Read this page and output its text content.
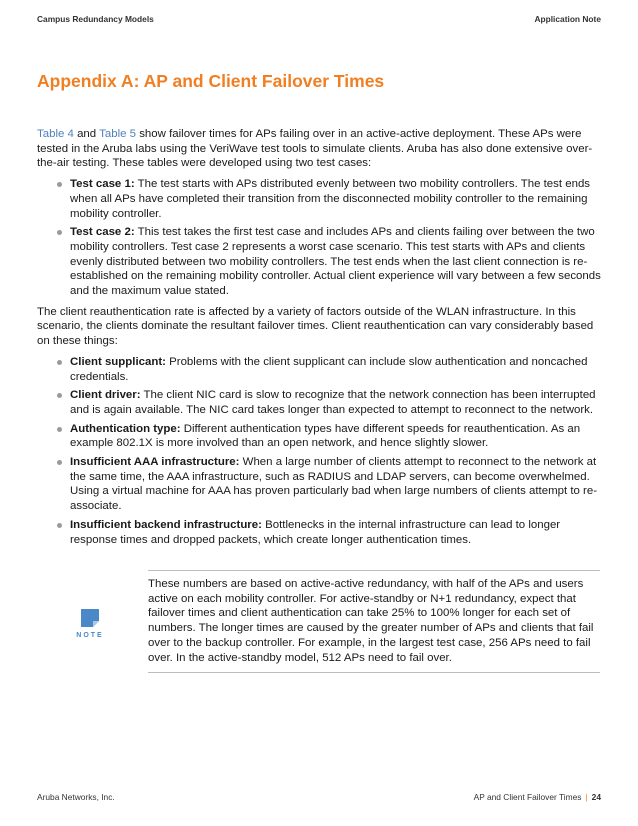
Campus Redundancy Models	Application Note
Appendix A: AP and Client Failover Times

Table 4 and Table 5 show failover times for APs failing over in an active-active deployment. These APs were tested in the Aruba labs using the VeriWave test tools to simulate clients. Aruba has also done extensive over-the-air testing. These tables were developed using two test cases:

Test case 1: The test starts with APs distributed evenly between two mobility controllers. The test ends when all APs have completed their transition from the disconnected mobility controller to the remaining mobility controller.
Test case 2: This test takes the first test case and includes APs and clients failing over between the two mobility controllers. Test case 2 represents a worst case scenario. This test starts with APs and clients evenly distributed between two mobility controllers. The test ends when the last client connection is re-established on the remaining mobility controller. Actual client experience will vary between a few seconds and the maximum value stated.

The client reauthentication rate is affected by a variety of factors outside of the WLAN infrastructure. In this scenario, the clients dominate the resultant failover times. Client reauthentication can vary considerably based on these things:

Client supplicant: Problems with the client supplicant can include slow authentication and noncached credentials.
Client driver: The client NIC card is slow to recognize that the network connection has been interrupted and is again available. The NIC card takes longer than expected to attempt to reconnect to the network.
Authentication type: Different authentication types have different speeds for reauthentication. As an example 802.1X is more involved than an open network, and hence slightly slower.
Insufficient AAA infrastructure: When a large number of clients attempt to reconnect to the network at the same time, the AAA infrastructure, such as RADIUS and LDAP servers, can become overwhelmed. Using a virtual machine for AAA has proven particularly bad when large numbers of clients attempt to re-associate.
Insufficient backend infrastructure: Bottlenecks in the internal infrastructure can lead to longer response times and dropped packets, which create longer authentication times.
NOTE
These numbers are based on active-active redundancy, with half of the APs and users active on each mobility controller. For active-standby or N+1 redundancy, expect that failover times and client authentication can take 25% to 100% longer for each set of numbers. The longer times are caused by the greater number of APs and clients that fail over to the backup controller. For example, in the largest test case, 256 APs need to fail over. In the active-standby model, 512 APs need to fail over.
Aruba Networks, Inc.	AP and Client Failover Times | 24
